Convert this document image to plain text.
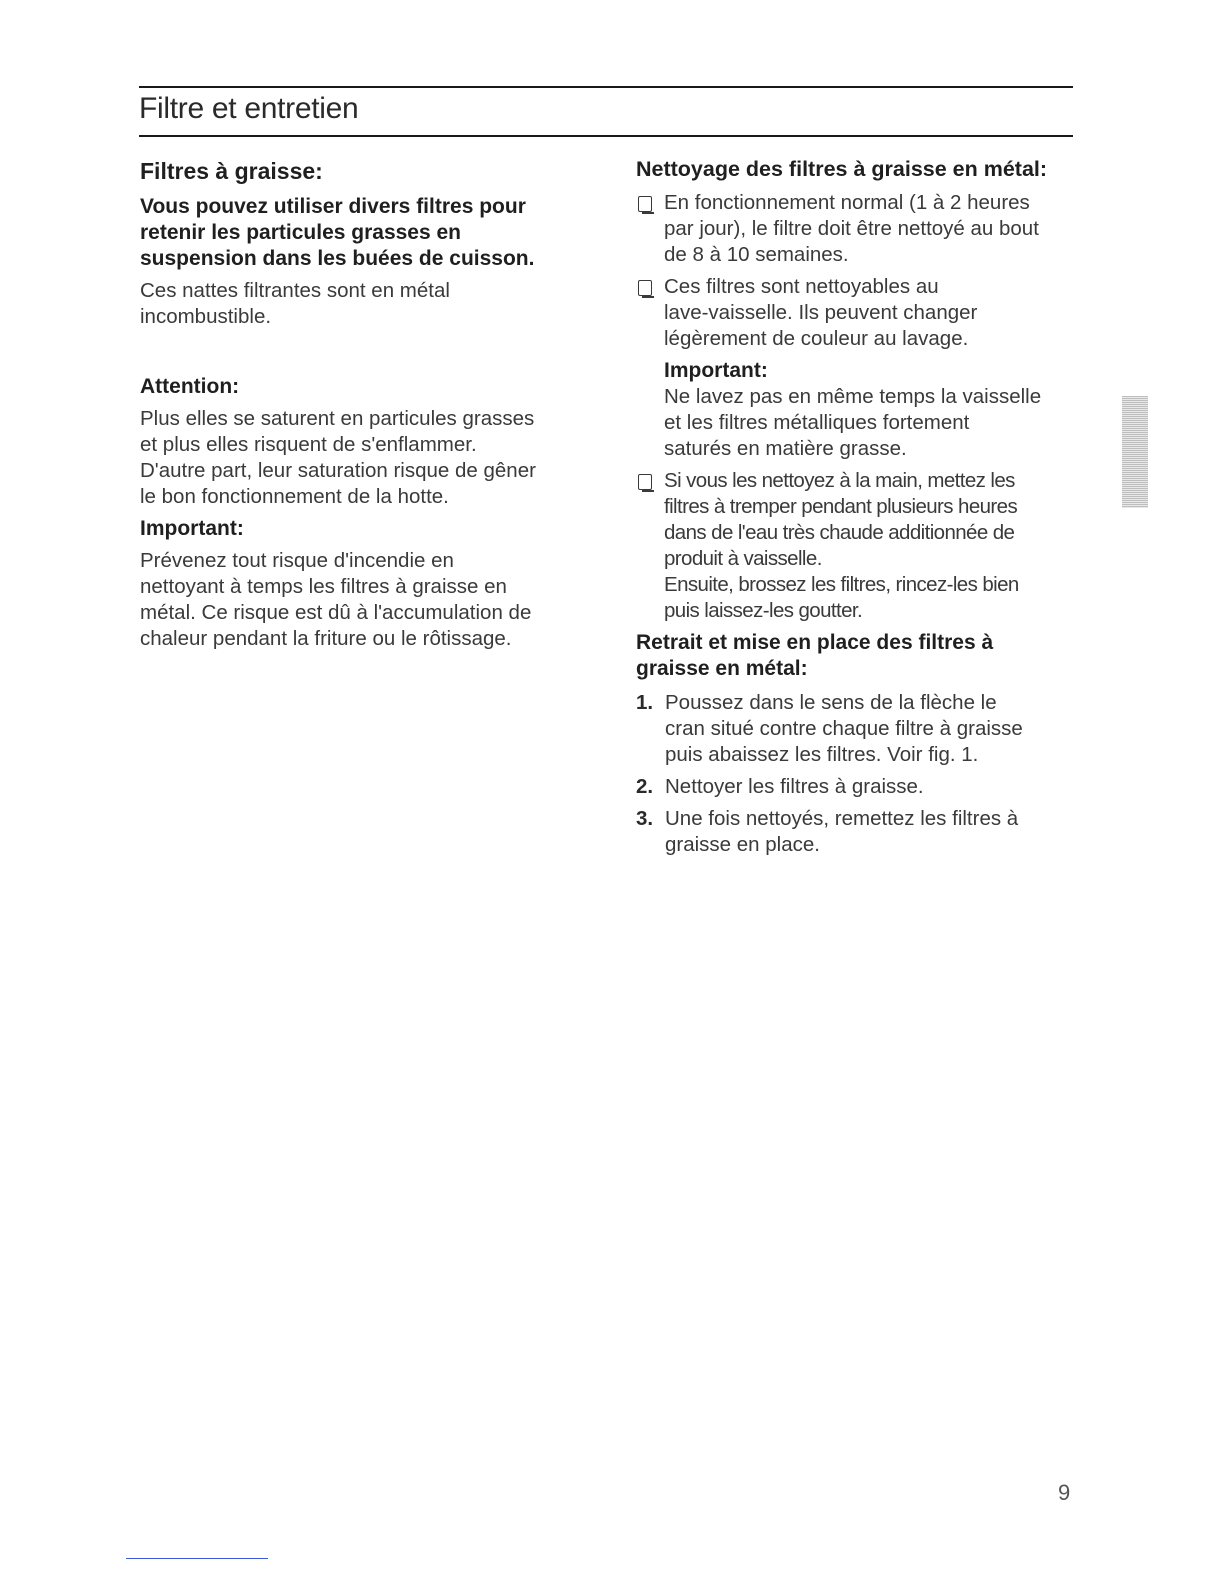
Filtre et entretien
Filtres à graisse:
Vous pouvez utiliser divers filtres pour
retenir les particules grasses en
suspension dans les buées de cuisson.
Ces nattes filtrantes sont en métal
incombustible.
Attention:
Plus elles se saturent en particules grasses
et plus elles risquent de s'enflammer.
D'autre part, leur saturation risque de gêner
le bon fonctionnement de la hotte.
Important:
Prévenez tout risque d'incendie en
nettoyant à temps les filtres à graisse en
métal. Ce risque est dû à l'accumulation de
chaleur pendant la friture ou le rôtissage.
Nettoyage des filtres à graisse en métal:
En fonctionnement normal (1 à 2 heures
par jour), le filtre doit être nettoyé au bout
de 8 à 10 semaines.
Ces filtres sont nettoyables au
lave-vaisselle. Ils peuvent changer
légèrement de couleur au lavage.
Important:
Ne lavez pas en même temps la vaisselle
et les filtres métalliques fortement
saturés en matière grasse.
Si vous les nettoyez à la main, mettez les
filtres à tremper pendant plusieurs heures
dans de l'eau très chaude additionnée de
produit à vaisselle.
Ensuite, brossez les filtres, rincez-les bien
puis laissez-les goutter.
Retrait et mise en place des filtres à
graisse en métal:
1. Poussez dans le sens de la flèche le
cran situé contre chaque filtre à graisse
puis abaissez les filtres. Voir fig. 1.
2. Nettoyer les filtres à graisse.
3. Une fois nettoyés, remettez les filtres à
graisse en place.
9
